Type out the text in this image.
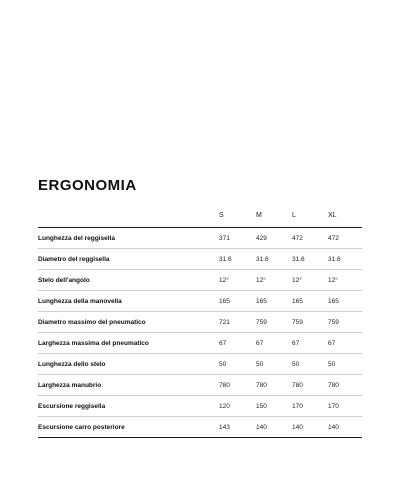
ERGONOMIA
	S	M	L	XL
Lunghezza del reggisella	371	429	472	472
Diametro del reggisella	31.6	31.6	31.6	31.6
Stelo dell'angolo	12°	12°	12°	12°
Lunghezza della manovella	165	165	165	165
Diametro massimo del pneumatico	721	759	759	759
Larghezza massima del pneumatico	67	67	67	67
Lunghezza dello stelo	50	50	50	50
Larghezza manubrio	780	780	780	780
Escursione reggisella	120	150	170	170
Escursione carro posteriore	143	140	140	140
